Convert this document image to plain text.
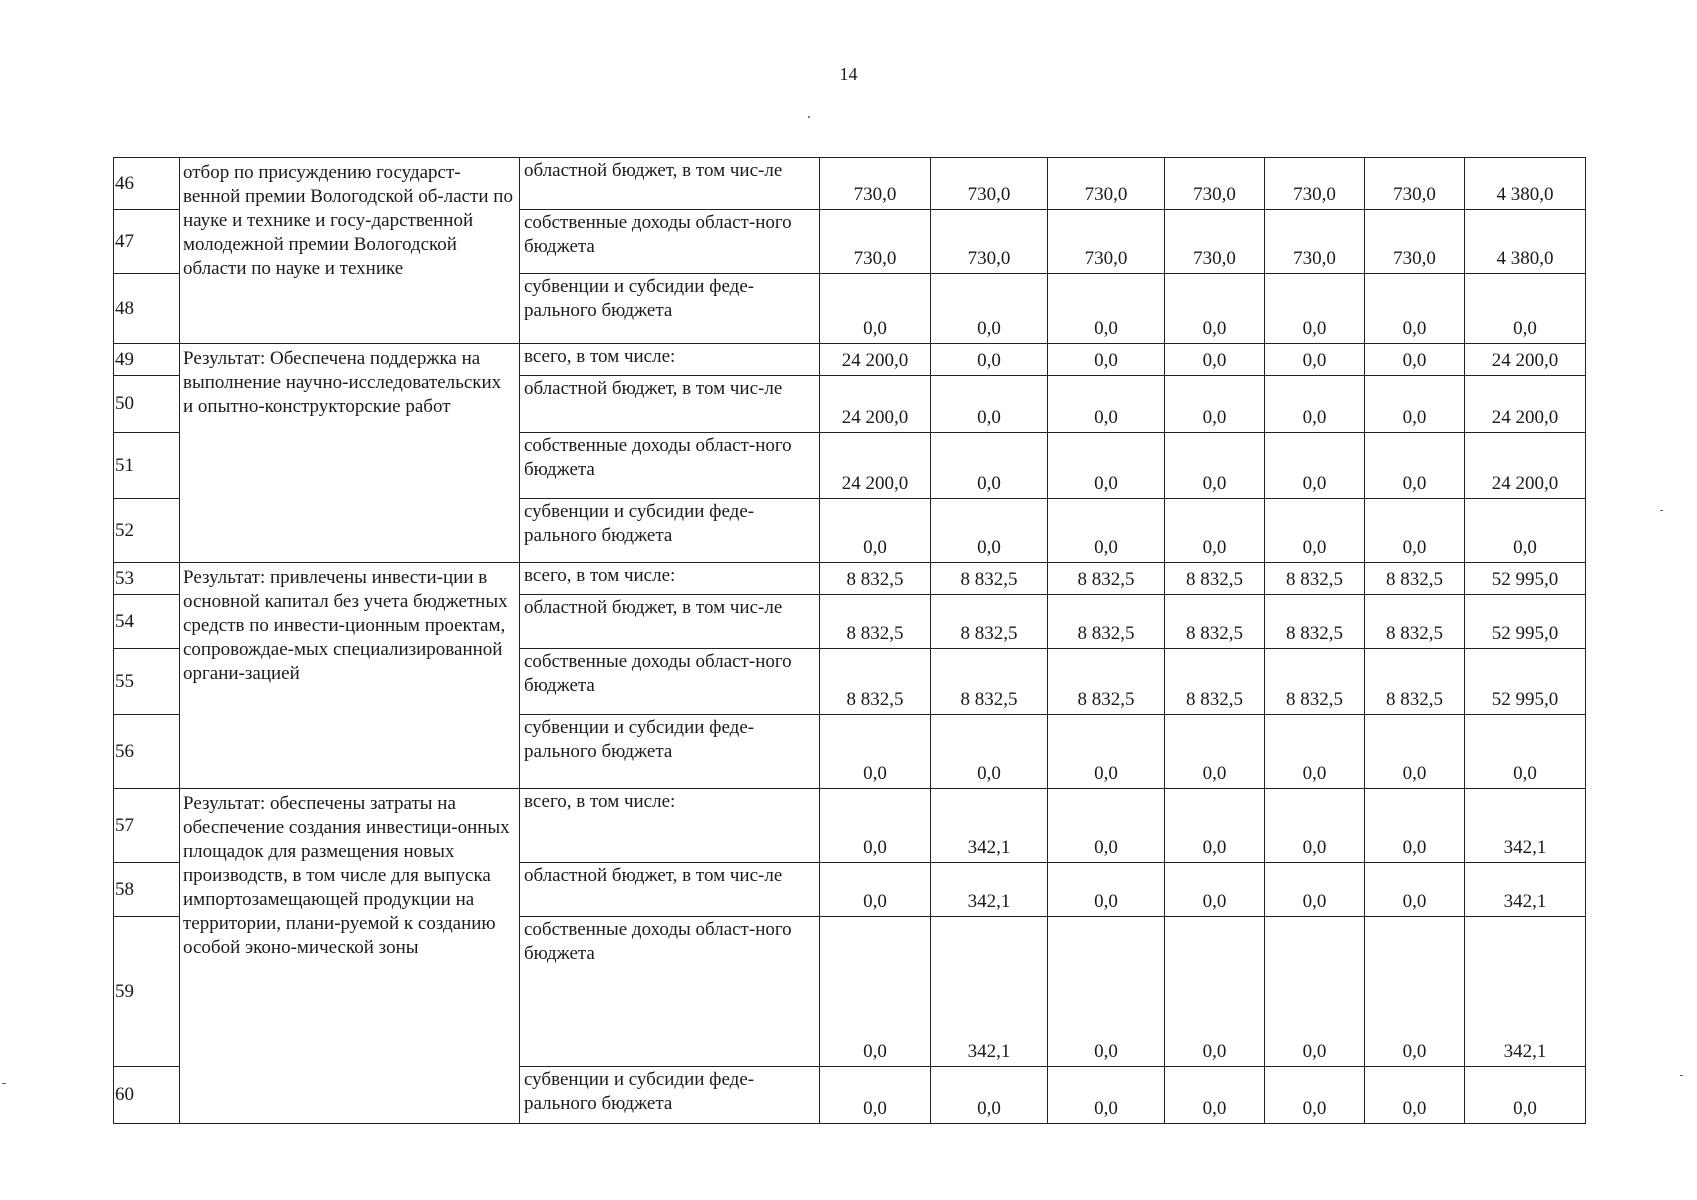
14
46	отбор по присуждению государст-венной премии Вологодской об-ласти по науке и технике и госу-дарственной молодежной премии Вологодской области по науке и технике	областной бюджет, в том чис-ле	730,0	730,0	730,0	730,0	730,0	730,0	4 380,0
47		собственные доходы област-ного бюджета	730,0	730,0	730,0	730,0	730,0	730,0	4 380,0
48		субвенции и субсидии феде-рального бюджета	0,0	0,0	0,0	0,0	0,0	0,0	0,0
49	Результат: Обеспечена поддержка на выполнение научно-исследовательских и опытно-конструкторские работ	всего, в том числе:	24 200,0	0,0	0,0	0,0	0,0	0,0	24 200,0
50		областной бюджет, в том чис-ле	24 200,0	0,0	0,0	0,0	0,0	0,0	24 200,0
51		собственные доходы област-ного бюджета	24 200,0	0,0	0,0	0,0	0,0	0,0	24 200,0
52		субвенции и субсидии феде-рального бюджета	0,0	0,0	0,0	0,0	0,0	0,0	0,0
53	Результат: привлечены инвести-ции в основной капитал без учета бюджетных средств по инвести-ционным проектам, сопровождае-мых специализированной органи-зацией	всего, в том числе:	8 832,5	8 832,5	8 832,5	8 832,5	8 832,5	8 832,5	52 995,0
54		областной бюджет, в том чис-ле	8 832,5	8 832,5	8 832,5	8 832,5	8 832,5	8 832,5	52 995,0
55		собственные доходы област-ного бюджета	8 832,5	8 832,5	8 832,5	8 832,5	8 832,5	8 832,5	52 995,0
56		субвенции и субсидии феде-рального бюджета	0,0	0,0	0,0	0,0	0,0	0,0	0,0
57	Результат: обеспечены затраты на обеспечение создания инвестици-онных площадок для размещения новых производств, в том числе для выпуска импортозамещающей продукции на территории, плани-руемой к созданию особой эконо-мической зоны	всего, в том числе:	0,0	342,1	0,0	0,0	0,0	0,0	342,1
58		областной бюджет, в том чис-ле	0,0	342,1	0,0	0,0	0,0	0,0	342,1
59		собственные доходы област-ного бюджета	0,0	342,1	0,0	0,0	0,0	0,0	342,1
60		субвенции и субсидии феде-рального бюджета	0,0	0,0	0,0	0,0	0,0	0,0	0,0
